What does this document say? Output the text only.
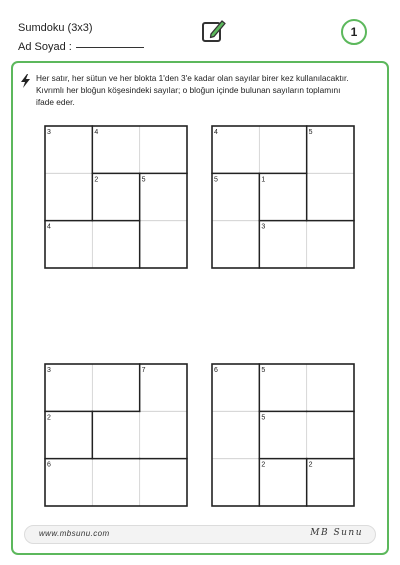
Sumdoku (3x3)
Ad Soyad :
1

Her satır, her sütun ve her blokta 1'den 3'e kadar olan sayılar birer kez kullanılacaktır.

Kıvrımlı her bloğun köşesindeki sayılar; o bloğun içinde bulunan sayıların toplamını

ifade eder.

3	4
2	5
4
4	5
5	1
3
3	7
2
6
6	5
5
2	2
www.mbsunu.com	MB Sunu
